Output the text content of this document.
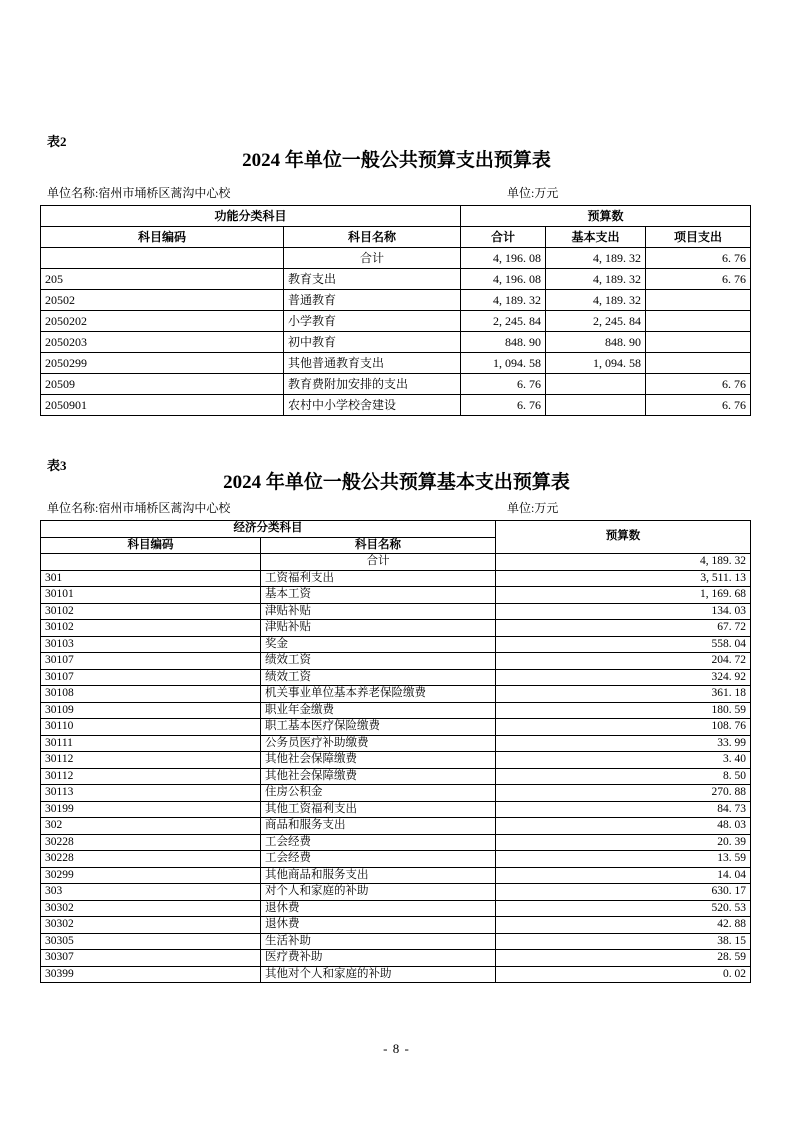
表2
2024 年单位一般公共预算支出预算表
单位名称:宿州市埇桥区蒿沟中心校	单位:万元
功能分类科目		预算数		
科目编码	科目名称	合计	基本支出	项目支出
	合计	4, 196. 08	4, 189. 32	6. 76
205	教育支出	4, 196. 08	4, 189. 32	6. 76
20502	普通教育	4, 189. 32	4, 189. 32	
2050202	小学教育	2, 245. 84	2, 245. 84	
2050203	初中教育	848. 90	848. 90	
2050299	其他普通教育支出	1, 094. 58	1, 094. 58	
20509	教育费附加安排的支出	6. 76		6. 76
2050901	农村中小学校舍建设	6. 76		6. 76
表3
2024 年单位一般公共预算基本支出预算表
单位名称:宿州市埇桥区蒿沟中心校	单位:万元
经济分类科目		预算数
科目编码	科目名称	
	合计	4, 189. 32
301	工资福利支出	3, 511. 13
30101	基本工资	1, 169. 68
30102	津贴补贴	134. 03
30102	津贴补贴	67. 72
30103	奖金	558. 04
30107	绩效工资	204. 72
30107	绩效工资	324. 92
30108	机关事业单位基本养老保险缴费	361. 18
30109	职业年金缴费	180. 59
30110	职工基本医疗保险缴费	108. 76
30111	公务员医疗补助缴费	33. 99
30112	其他社会保障缴费	3. 40
30112	其他社会保障缴费	8. 50
30113	住房公积金	270. 88
30199	其他工资福利支出	84. 73
302	商品和服务支出	48. 03
30228	工会经费	20. 39
30228	工会经费	13. 59
30299	其他商品和服务支出	14. 04
303	对个人和家庭的补助	630. 17
30302	退休费	520. 53
30302	退休费	42. 88
30305	生活补助	38. 15
30307	医疗费补助	28. 59
30399	其他对个人和家庭的补助	0. 02
- 8 -
